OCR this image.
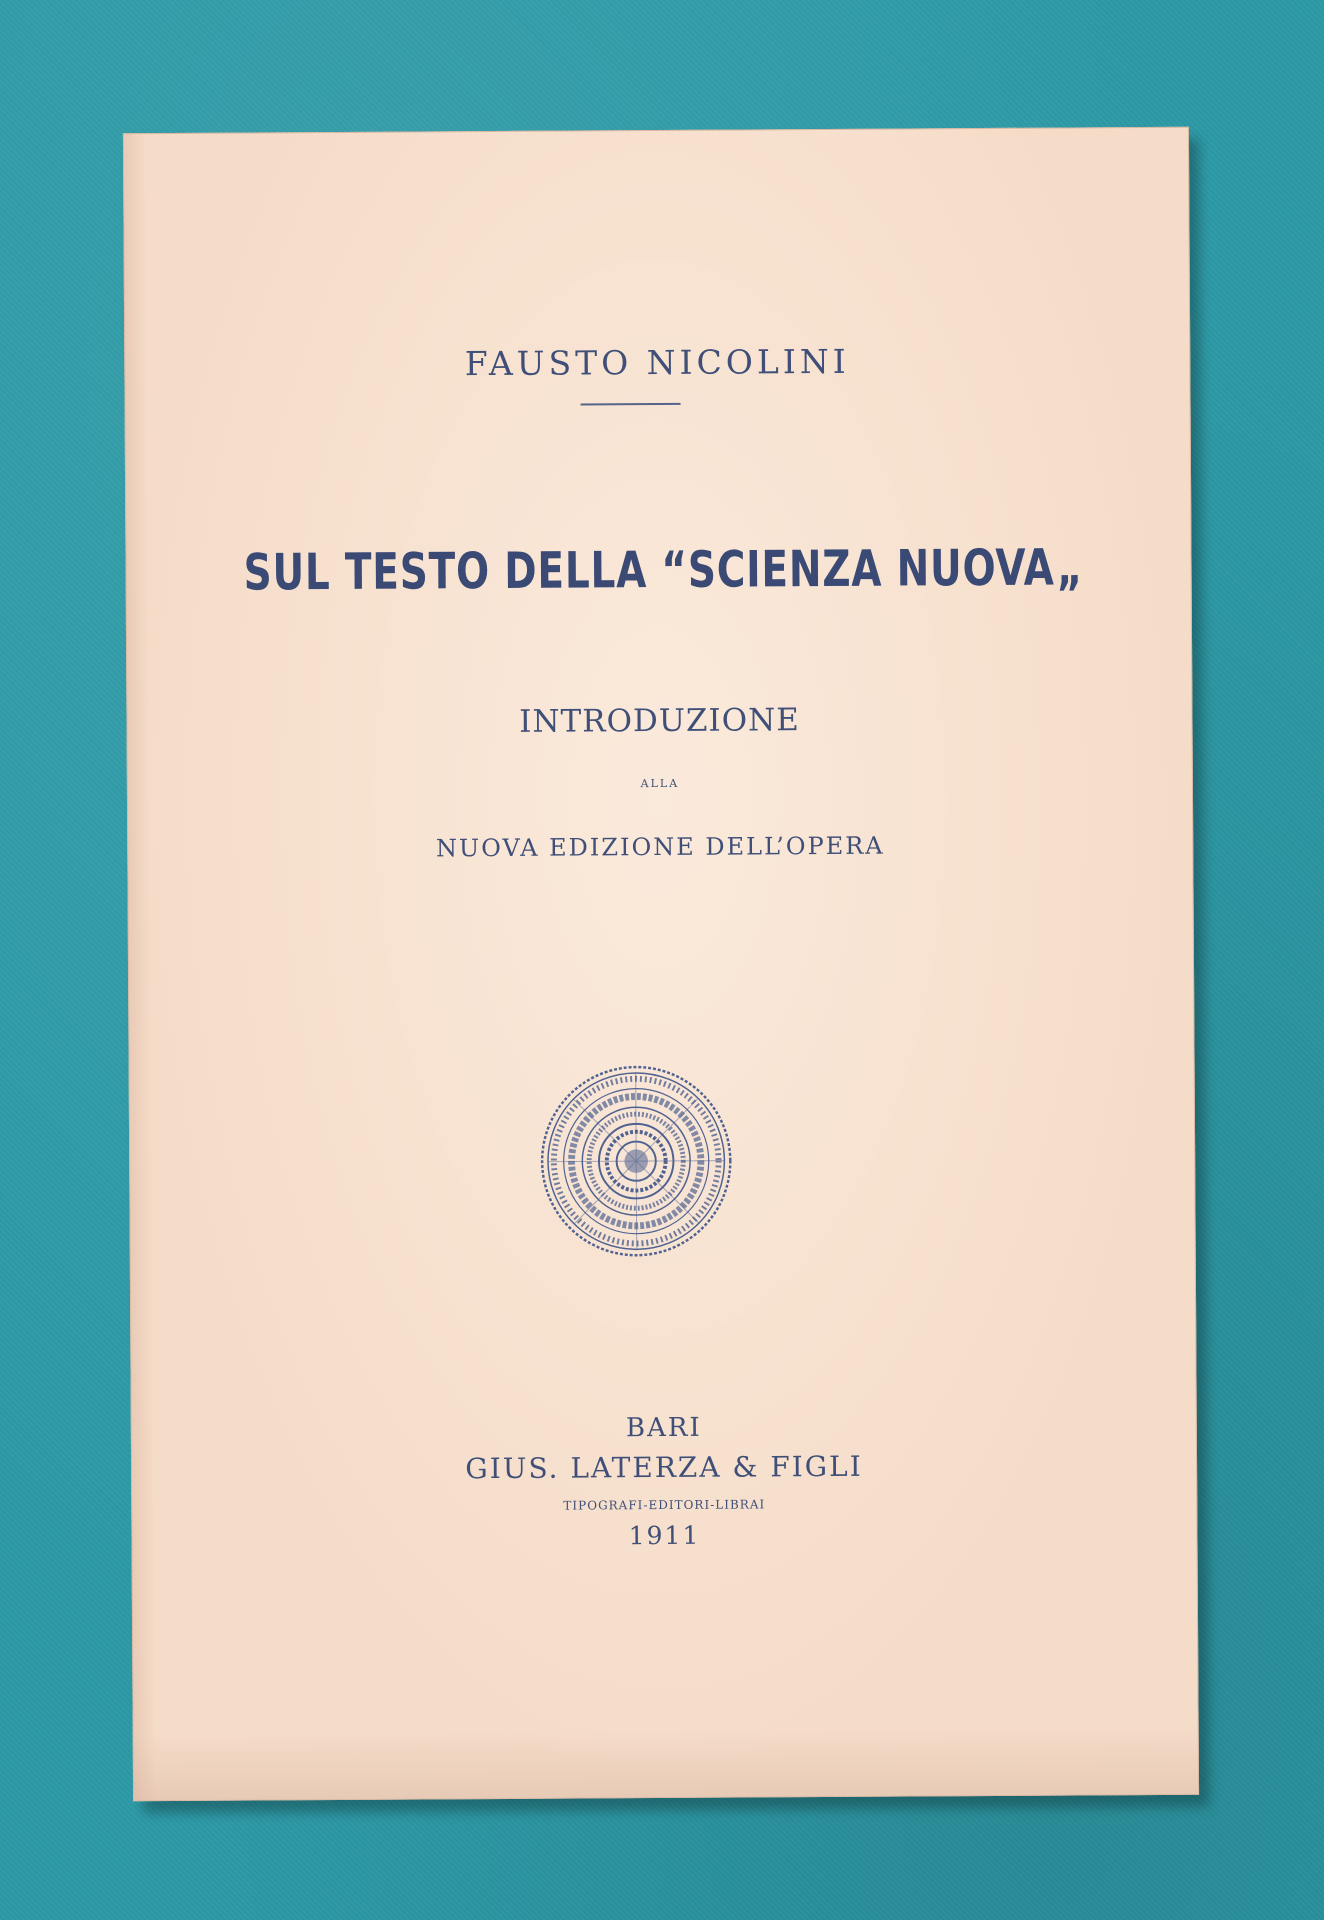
FAUSTO NICOLINI
SUL TESTO DELLA “SCIENZA NUOVA„
INTRODUZIONE
ALLA
NUOVA EDIZIONE DELL’OPERA
BARI
GIUS. LATERZA & FIGLI
TIPOGRAFI-EDITORI-LIBRAI
1911
